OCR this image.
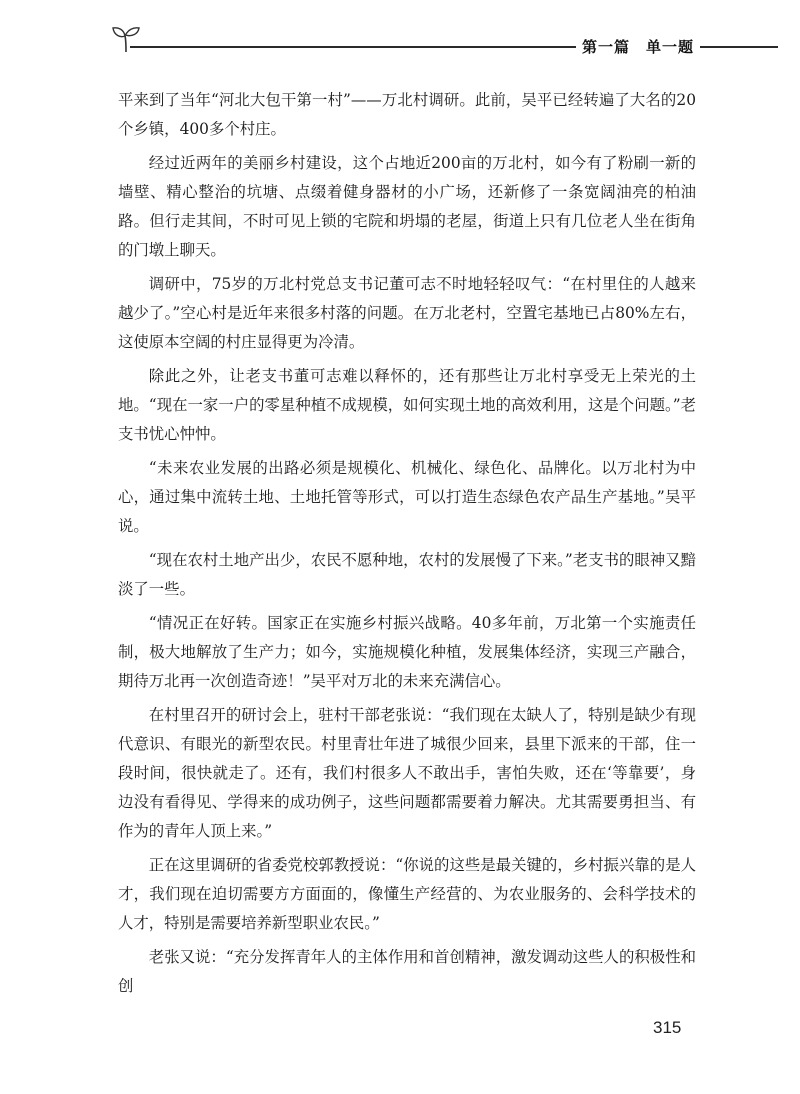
第一篇　单一题

平来到了当年“河北大包干第一村”——万北村调研。此前，吴平已经转遍了大名的20个乡镇，400多个村庄。

经过近两年的美丽乡村建设，这个占地近200亩的万北村，如今有了粉刷一新的墙壁、精心整治的坑塘、点缀着健身器材的小广场，还新修了一条宽阔油亮的柏油路。但行走其间，不时可见上锁的宅院和坍塌的老屋，街道上只有几位老人坐在街角的门墩上聊天。

调研中，75岁的万北村党总支书记董可志不时地轻轻叹气：“在村里住的人越来越少了。”空心村是近年来很多村落的问题。在万北老村，空置宅基地已占80%左右，这使原本空阔的村庄显得更为冷清。

除此之外，让老支书董可志难以释怀的，还有那些让万北村享受无上荣光的土地。“现在一家一户的零星种植不成规模，如何实现土地的高效利用，这是个问题。”老支书忧心忡忡。

“未来农业发展的出路必须是规模化、机械化、绿色化、品牌化。以万北村为中心，通过集中流转土地、土地托管等形式，可以打造生态绿色农产品生产基地。”吴平说。

“现在农村土地产出少，农民不愿种地，农村的发展慢了下来。”老支书的眼神又黯淡了一些。

“情况正在好转。国家正在实施乡村振兴战略。40多年前，万北第一个实施责任制，极大地解放了生产力；如今，实施规模化种植，发展集体经济，实现三产融合，期待万北再一次创造奇迹！”吴平对万北的未来充满信心。

在村里召开的研讨会上，驻村干部老张说：“我们现在太缺人了，特别是缺少有现代意识、有眼光的新型农民。村里青壮年进了城很少回来，县里下派来的干部，住一段时间，很快就走了。还有，我们村很多人不敢出手，害怕失败，还在‘等靠要’，身边没有看得见、学得来的成功例子，这些问题都需要着力解决。尤其需要勇担当、有作为的青年人顶上来。”

正在这里调研的省委党校郭教授说：“你说的这些是最关键的，乡村振兴靠的是人才，我们现在迫切需要方方面面的，像懂生产经营的、为农业服务的、会科学技术的人才，特别是需要培养新型职业农民。”

老张又说：“充分发挥青年人的主体作用和首创精神，激发调动这些人的积极性和创

315
